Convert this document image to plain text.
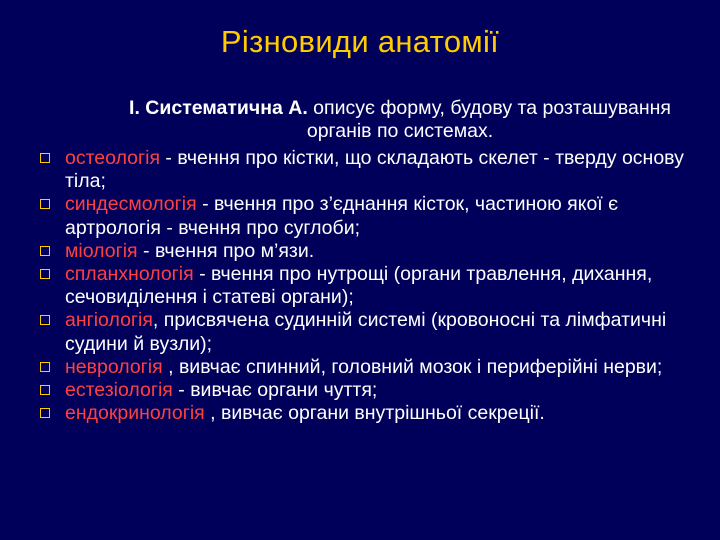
Різновиди анатомії
І. Систематична А. описує форму, будову та розташування органів по системах.
остеологія - вчення про кістки, що складають скелет - тверду основу тіла;
синдесмологія - вчення про з’єднання кісток, частиною якої є артрологія - вчення про суглоби;
міологія - вчення про м’язи.
спланхнологія - вчення про нутрощі (органи травлення, дихання, сечовиділення і статеві органи);
ангіологія, присвячена судинній системі (кровоносні та лімфатичні судини й вузли);
неврологія , вивчає спинний, головний мозок і периферійні нерви;
естезіологія - вивчає органи чуття;
ендокринологія , вивчає органи внутрішньої секреції.
